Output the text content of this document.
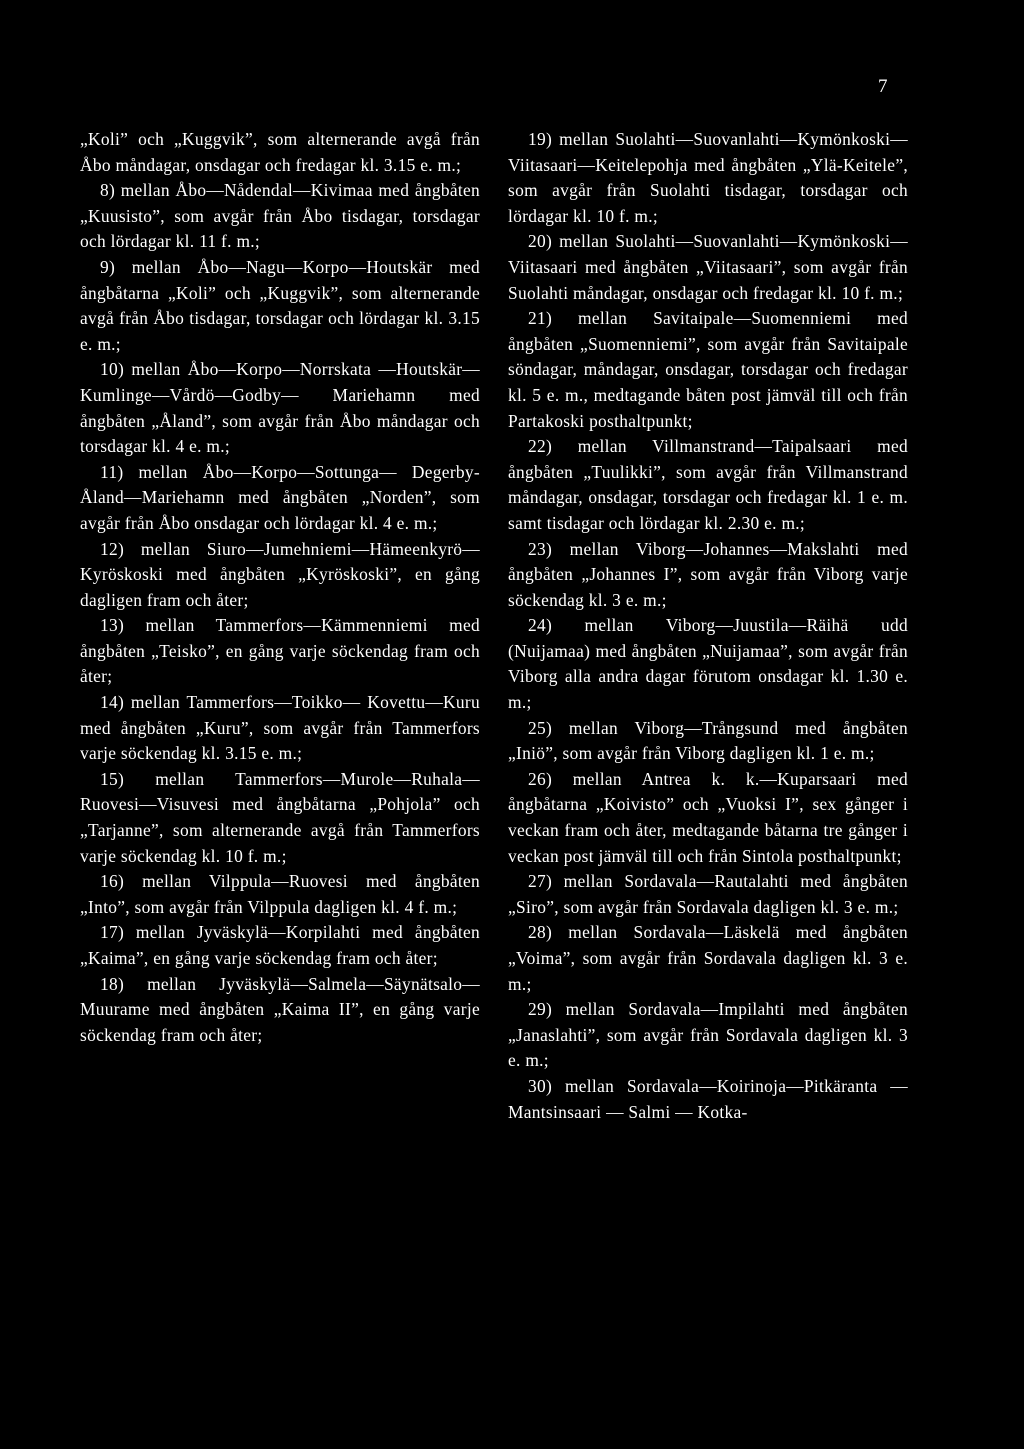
7

„Koli” och „Kuggvik”, som alternerande avgå från Åbo måndagar, onsdagar och fredagar kl. 3.15 e. m.;

8) mellan Åbo—Nådendal—Kivimaa med ångbåten „Kuusisto”, som avgår från Åbo tisdagar, torsdagar och lördagar kl. 11 f. m.;

9) mellan Åbo—Nagu—Korpo—Houtskär med ångbåtarna „Koli” och „Kuggvik”, som alternerande avgå från Åbo tisdagar, torsdagar och lördagar kl. 3.15 e. m.;

10) mellan Åbo—Korpo—Norrskata —Houtskär—Kumlinge—Vårdö—Godby— Mariehamn med ångbåten „Åland”, som avgår från Åbo måndagar och torsdagar kl. 4 e. m.;

11) mellan Åbo—Korpo—Sottunga— Degerby-Åland—Mariehamn med ångbåten „Norden”, som avgår från Åbo onsdagar och lördagar kl. 4 e. m.;

12) mellan Siuro—Jumehniemi—Hämeenkyrö—Kyröskoski med ångbåten „Kyröskoski”, en gång dagligen fram och åter;

13) mellan Tammerfors—Kämmenniemi med ångbåten „Teisko”, en gång varje söckendag fram och åter;

14) mellan Tammerfors—Toikko— Kovettu—Kuru med ångbåten „Kuru”, som avgår från Tammerfors varje söckendag kl. 3.15 e. m.;

15) mellan Tammerfors—Murole—Ruhala—Ruovesi—Visuvesi med ångbåtarna „Pohjola” och „Tarjanne”, som alternerande avgå från Tammerfors varje söckendag kl. 10 f. m.;

16) mellan Vilppula—Ruovesi med ångbåten „Into”, som avgår från Vilppula dagligen kl. 4 f. m.;

17) mellan Jyväskylä—Korpilahti med ångbåten „Kaima”, en gång varje söckendag fram och åter;

18) mellan Jyväskylä—Salmela—Säynätsalo—Muurame med ångbåten „Kaima II”, en gång varje söckendag fram och åter;

19) mellan Suolahti—Suovanlahti—Kymönkoski—Viitasaari—Keitelepohja med ångbåten „Ylä-Keitele”, som avgår från Suolahti tisdagar, torsdagar och lördagar kl. 10 f. m.;

20) mellan Suolahti—Suovanlahti—Kymönkoski—Viitasaari med ångbåten „Viitasaari”, som avgår från Suolahti måndagar, onsdagar och fredagar kl. 10 f. m.;

21) mellan Savitaipale—Suomenniemi med ångbåten „Suomenniemi”, som avgår från Savitaipale söndagar, måndagar, onsdagar, torsdagar och fredagar kl. 5 e. m., medtagande båten post jämväl till och från Partakoski posthaltpunkt;

22) mellan Villmanstrand—Taipalsaari med ångbåten „Tuulikki”, som avgår från Villmanstrand måndagar, onsdagar, torsdagar och fredagar kl. 1 e. m. samt tisdagar och lördagar kl. 2.30 e. m.;

23) mellan Viborg—Johannes—Makslahti med ångbåten „Johannes I”, som avgår från Viborg varje söckendag kl. 3 e. m.;

24) mellan Viborg—Juustila—Räihä udd (Nuijamaa) med ångbåten „Nuijamaa”, som avgår från Viborg alla andra dagar förutom onsdagar kl. 1.30 e. m.;

25) mellan Viborg—Trångsund med ångbåten „Iniö”, som avgår från Viborg dagligen kl. 1 e. m.;

26) mellan Antrea k. k.—Kuparsaari med ångbåtarna „Koivisto” och „Vuoksi I”, sex gånger i veckan fram och åter, medtagande båtarna tre gånger i veckan post jämväl till och från Sintola posthaltpunkt;

27) mellan Sordavala—Rautalahti med ångbåten „Siro”, som avgår från Sordavala dagligen kl. 3 e. m.;

28) mellan Sordavala—Läskelä med ångbåten „Voima”, som avgår från Sordavala dagligen kl. 3 e. m.;

29) mellan Sordavala—Impilahti med ångbåten „Janaslahti”, som avgår från Sordavala dagligen kl. 3 e. m.;

30) mellan Sordavala—Koirinoja—Pitkäranta — Mantsinsaari — Salmi — Kotka-
